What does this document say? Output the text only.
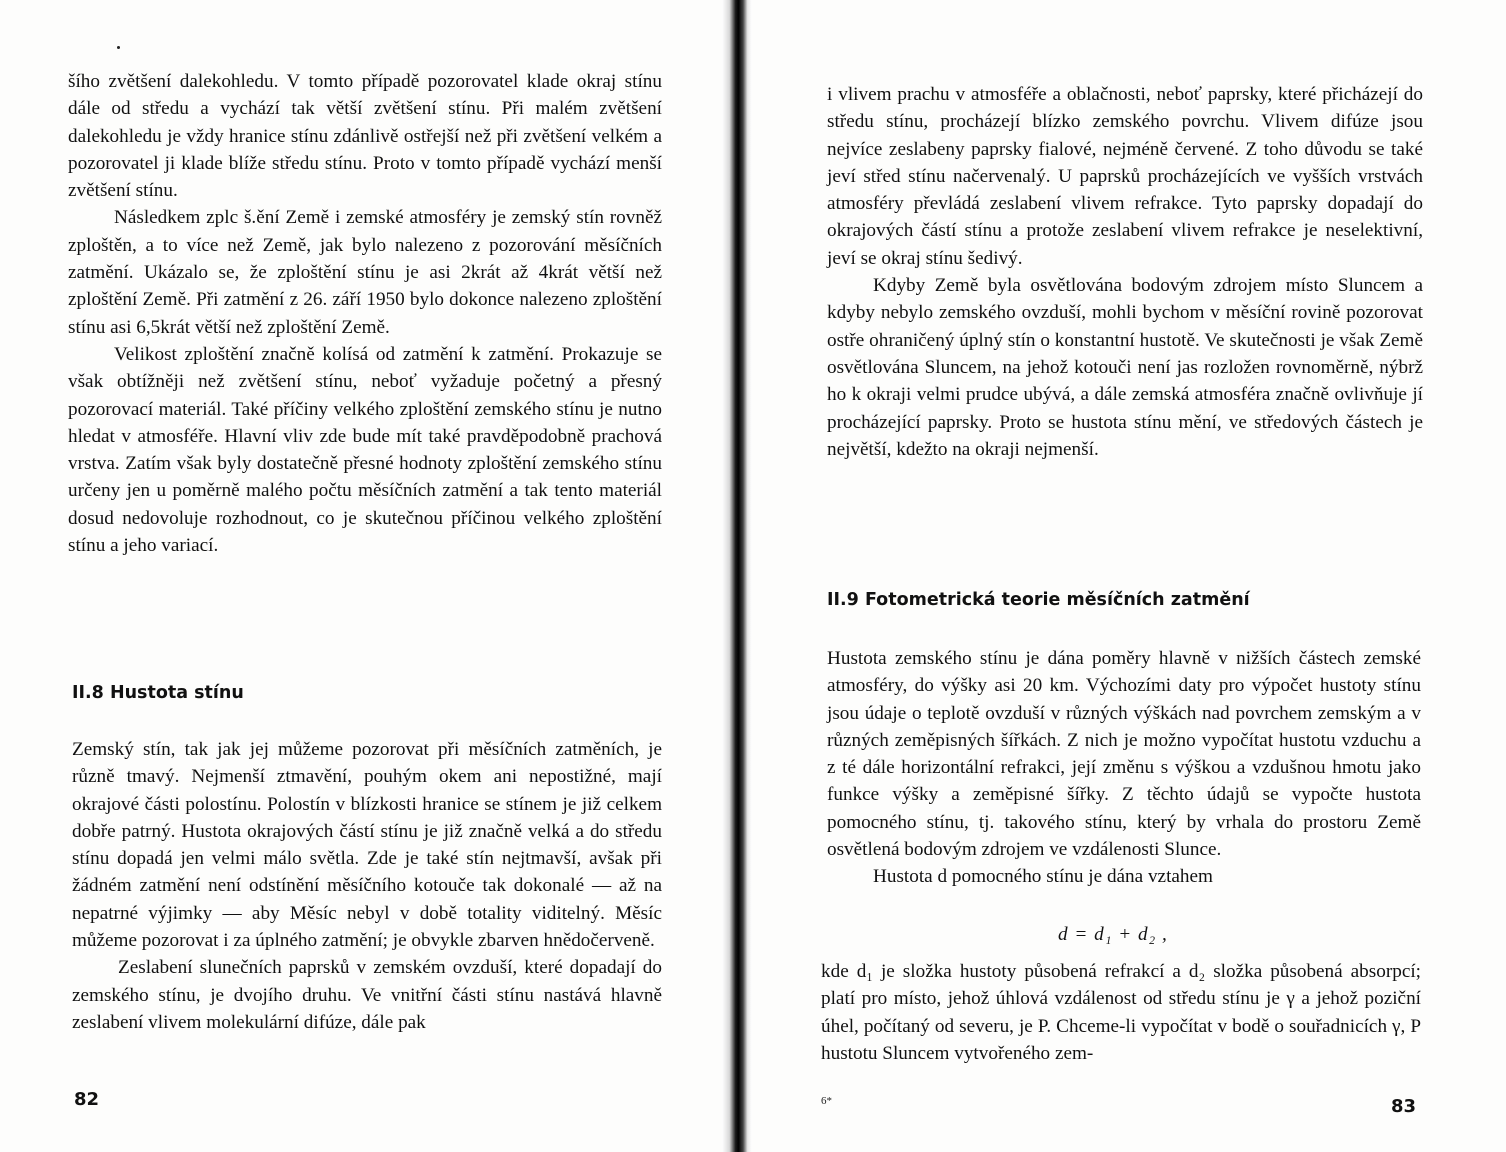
šího zvětšení dalekohledu. V tomto případě pozorovatel klade okraj stínu dále od středu a vychází tak větší zvětšení stínu. Při malém zvětšení dalekohledu je vždy hranice stínu zdánlivě ostřejší než při zvětšení velkém a pozorovatel ji klade blíže středu stínu. Proto v tomto případě vychází menší zvětšení stínu.

Následkem zplc š.ění Země i zemské atmosféry je zemský stín rovněž zploštěn, a to více než Země, jak bylo nalezeno z pozorování měsíčních zatmění. Ukázalo se, že zploštění stínu je asi 2krát až 4krát větší než zploštění Země. Při zatmění z 26. září 1950 bylo dokonce nalezeno zploštění stínu asi 6,5krát větší než zploštění Země.

Velikost zploštění značně kolísá od zatmění k zatmění. Prokazuje se však obtížněji než zvětšení stínu, neboť vyžaduje početný a přesný pozorovací materiál. Také příčiny velkého zploštění zemského stínu je nutno hledat v atmosféře. Hlavní vliv zde bude mít také pravděpodobně prachová vrstva. Zatím však byly dostatečně přesné hodnoty zploštění zemského stínu určeny jen u poměrně malého počtu měsíčních zatmění a tak tento materiál dosud nedovoluje rozhodnout, co je skutečnou příčinou velkého zploštění stínu a jeho variací.

II.8 Hustota stínu

Zemský stín, tak jak jej můžeme pozorovat při měsíčních zatměních, je různě tmavý. Nejmenší ztmavění, pouhým okem ani nepostižné, mají okrajové části polostínu. Polostín v blízkosti hranice se stínem je již celkem dobře patrný. Hustota okrajových částí stínu je již značně velká a do středu stínu dopadá jen velmi málo světla. Zde je také stín nejtmavší, avšak při žádném zatmění není odstínění měsíčního kotouče tak dokonalé — až na nepatrné výjimky — aby Měsíc nebyl v době totality viditelný. Měsíc můžeme pozorovat i za úplného zatmění; je obvykle zbarven hnědočerveně.

Zeslabení slunečních paprsků v zemském ovzduší, které dopadají do zemského stínu, je dvojího druhu. Ve vnitřní části stínu nastává hlavně zeslabení vlivem molekulární difúze, dále pak

82

i vlivem prachu v atmosféře a oblačnosti, neboť paprsky, které přicházejí do středu stínu, procházejí blízko zemského povrchu. Vlivem difúze jsou nejvíce zeslabeny paprsky fialové, nejméně červené. Z toho důvodu se také jeví střed stínu načervenalý. U paprsků procházejících ve vyšších vrstvách atmosféry převládá zeslabení vlivem refrakce. Tyto paprsky dopadají do okrajových částí stínu a protože zeslabení vlivem refrakce je neselektivní, jeví se okraj stínu šedivý.

Kdyby Země byla osvětlována bodovým zdrojem místo Sluncem a kdyby nebylo zemského ovzduší, mohli bychom v měsíční rovině pozorovat ostře ohraničený úplný stín o konstantní hustotě. Ve skutečnosti je však Země osvětlována Sluncem, na jehož kotouči není jas rozložen rovnoměrně, nýbrž ho k okraji velmi prudce ubývá, a dále zemská atmosféra značně ovlivňuje jí procházející paprsky. Proto se hustota stínu mění, ve středových částech je největší, kdežto na okraji nejmenší.

II.9 Fotometrická teorie měsíčních zatmění

Hustota zemského stínu je dána poměry hlavně v nižších částech zemské atmosféry, do výšky asi 20 km. Výchozími daty pro výpočet hustoty stínu jsou údaje o teplotě ovzduší v různých výškách nad povrchem zemským a v různých zeměpisných šířkách. Z nich je možno vypočítat hustotu vzduchu a z té dále horizontální refrakci, její změnu s výškou a vzdušnou hmotu jako funkce výšky a zeměpisné šířky. Z těchto údajů se vypočte hustota pomocného stínu, tj. takového stínu, který by vrhala do prostoru Země osvětlená bodovým zdrojem ve vzdálenosti Slunce.

Hustota d pomocného stínu je dána vztahem

d = d₁ + d₂ ,

kde d₁ je složka hustoty působená refrakcí a d₂ složka působená absorpcí; platí pro místo, jehož úhlová vzdálenost od středu stínu je γ a jehož poziční úhel, počítaný od severu, je P. Chceme-li vypočítat v bodě o souřadnicích γ, P hustotu Sluncem vytvořeného zem-

6*	83
